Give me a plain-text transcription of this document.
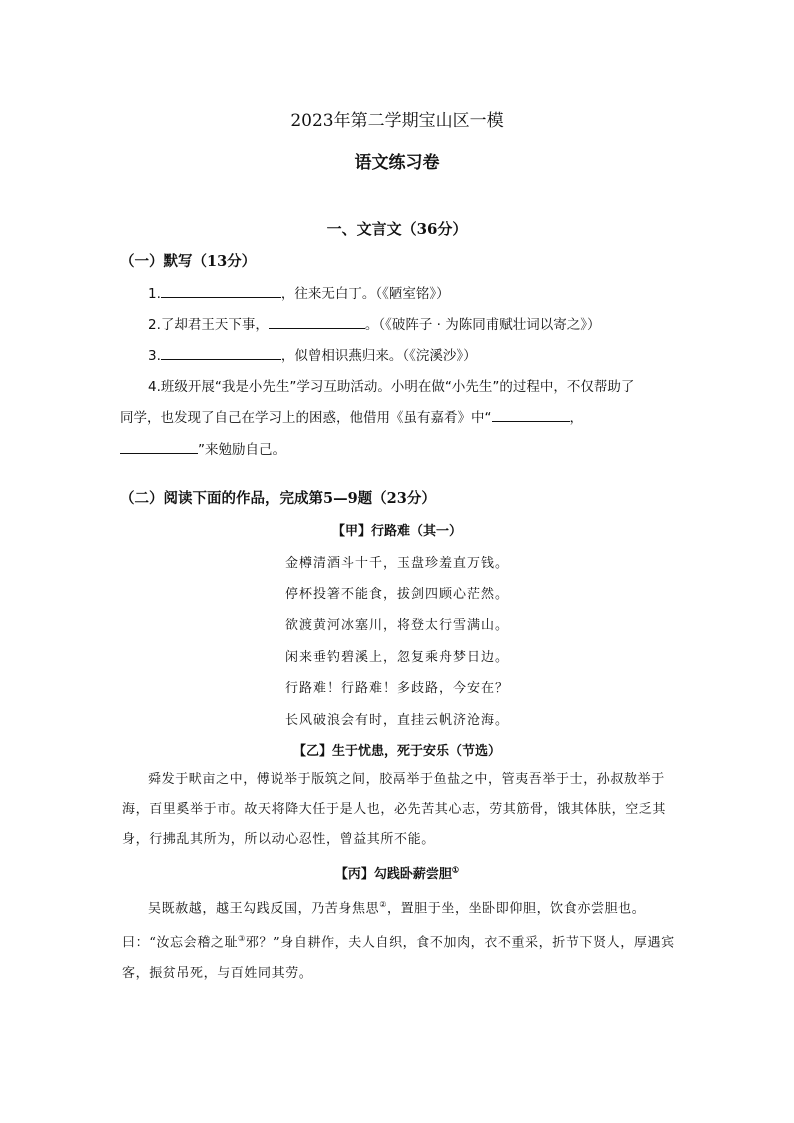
2023年第二学期宝山区一模
语文练习卷
一、文言文（36分）
（一）默写（13分）
1.	，往来无白丁。（《陋室铭》）
2.了却君王天下事，	。（《破阵子 · 为陈同甫赋壮词以寄之》）
3.	，似曾相识燕归来。（《浣溪沙》）
4.班级开展“我是小先生”学习互助活动。小明在做“小先生”的过程中，不仅帮助了
同学，也发现了自己在学习上的困惑，他借用《虽有嘉肴》中“	，
”来勉励自己。
（二）阅读下面的作品，完成第5—9题（23分）
【甲】行路难（其一）
金樽清酒斗十千，玉盘珍羞直万钱。
停杯投箸不能食，拔剑四顾心茫然。
欲渡黄河冰塞川，将登太行雪满山。
闲来垂钓碧溪上，忽复乘舟梦日边。
行路难！行路难！多歧路，今安在？
长风破浪会有时，直挂云帆济沧海。
【乙】生于忧患，死于安乐（节选）
舜发于畎亩之中，傅说举于版筑之间，胶鬲举于鱼盐之中，管夷吾举于士，孙叔敖举于海，百里奚举于市。故天将降大任于是人也，必先苦其心志，劳其筋骨，饿其体肤，空乏其身，行拂乱其所为，所以动心忍性，曾益其所不能。
【丙】勾践卧薪尝胆①
吴既赦越，越王勾践反国，乃苦身焦思②，置胆于坐，坐卧即仰胆，饮食亦尝胆也。曰：“汝忘会稽之耻③邪？”身自耕作，夫人自织，食不加肉，衣不重采，折节下贤人，厚遇宾客，振贫吊死，与百姓同其劳。
